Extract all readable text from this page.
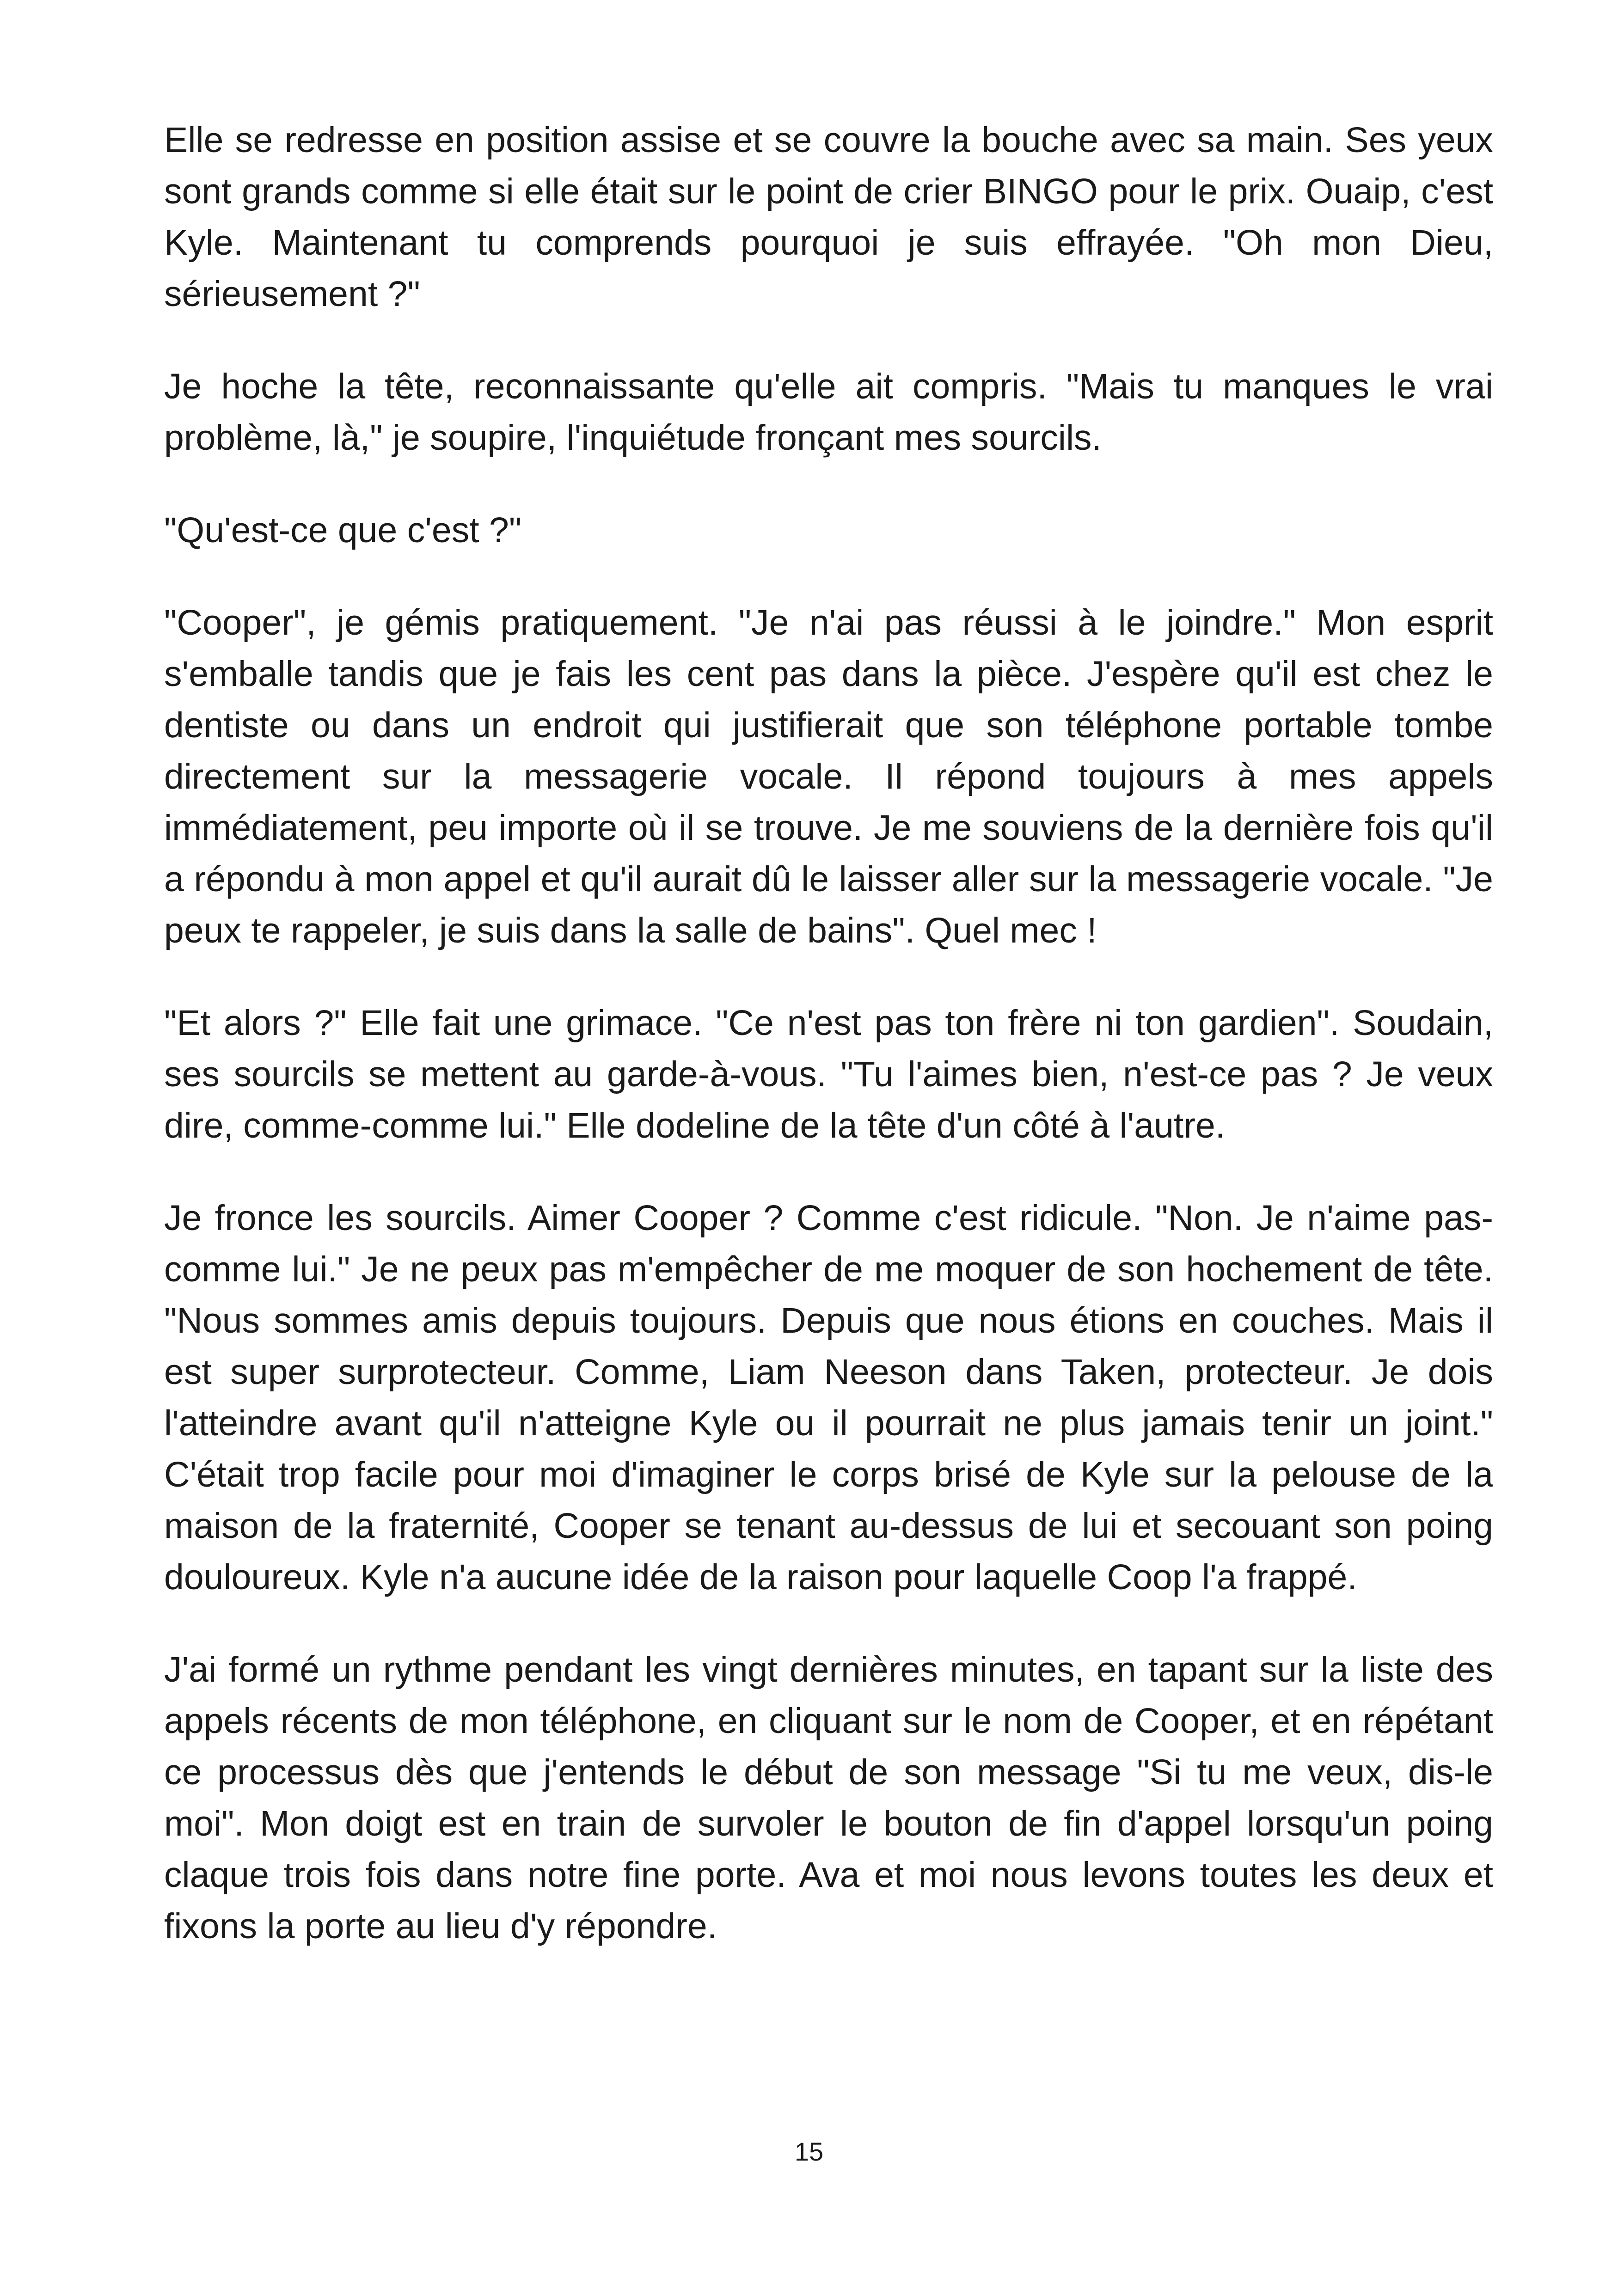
Elle se redresse en position assise et se couvre la bouche avec sa main. Ses yeux sont grands comme si elle était sur le point de crier BINGO pour le prix. Ouaip, c'est Kyle. Maintenant tu comprends pourquoi je suis effrayée. "Oh mon Dieu, sérieusement ?"

Je hoche la tête, reconnaissante qu'elle ait compris. "Mais tu manques le vrai problème, là," je soupire, l'inquiétude fronçant mes sourcils.

"Qu'est-ce que c'est ?"

"Cooper", je gémis pratiquement. "Je n'ai pas réussi à le joindre." Mon esprit s'emballe tandis que je fais les cent pas dans la pièce. J'espère qu'il est chez le dentiste ou dans un endroit qui justifierait que son téléphone portable tombe directement sur la messagerie vocale. Il répond toujours à mes appels immédiatement, peu importe où il se trouve. Je me souviens de la dernière fois qu'il a répondu à mon appel et qu'il aurait dû le laisser aller sur la messagerie vocale. "Je peux te rappeler, je suis dans la salle de bains". Quel mec !

"Et alors ?" Elle fait une grimace. "Ce n'est pas ton frère ni ton gardien". Soudain, ses sourcils se mettent au garde-à-vous. "Tu l'aimes bien, n'est-ce pas ? Je veux dire, comme-comme lui." Elle dodeline de la tête d'un côté à l'autre.

Je fronce les sourcils. Aimer Cooper ? Comme c'est ridicule. "Non. Je n'aime pas-comme lui." Je ne peux pas m'empêcher de me moquer de son hochement de tête. "Nous sommes amis depuis toujours. Depuis que nous étions en couches. Mais il est super surprotecteur. Comme, Liam Neeson dans Taken, protecteur. Je dois l'atteindre avant qu'il n'atteigne Kyle ou il pourrait ne plus jamais tenir un joint." C'était trop facile pour moi d'imaginer le corps brisé de Kyle sur la pelouse de la maison de la fraternité, Cooper se tenant au-dessus de lui et secouant son poing douloureux. Kyle n'a aucune idée de la raison pour laquelle Coop l'a frappé.

J'ai formé un rythme pendant les vingt dernières minutes, en tapant sur la liste des appels récents de mon téléphone, en cliquant sur le nom de Cooper, et en répétant ce processus dès que j'entends le début de son message "Si tu me veux, dis-le moi". Mon doigt est en train de survoler le bouton de fin d'appel lorsqu'un poing claque trois fois dans notre fine porte. Ava et moi nous levons toutes les deux et fixons la porte au lieu d'y répondre.

15
